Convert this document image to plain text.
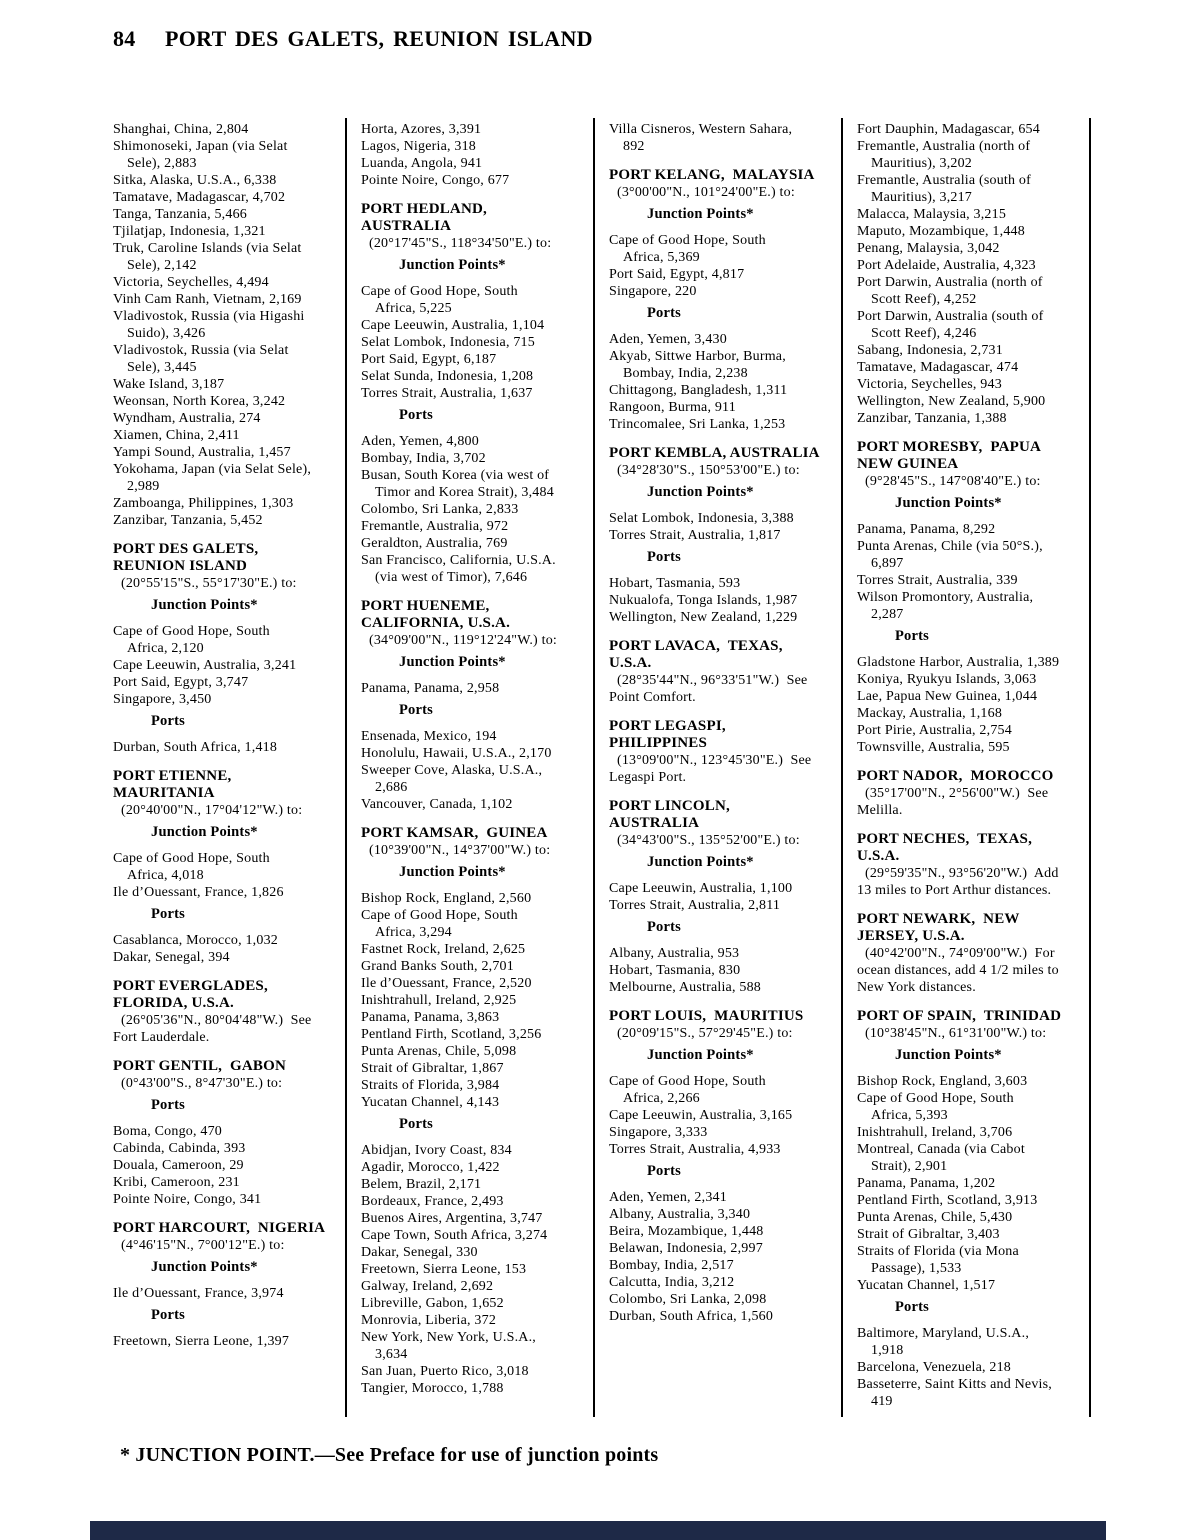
84	PORT DES GALETS, REUNION ISLAND
Shanghai, China, 2,804
Shimonoseki, Japan (via Selat
Sele), 2,883
Sitka, Alaska, U.S.A., 6,338
Tamatave, Madagascar, 4,702
Tanga, Tanzania, 5,466
Tjilatjap, Indonesia, 1,321
Truk, Caroline Islands (via Selat
Sele), 2,142
Victoria, Seychelles, 4,494
Vinh Cam Ranh, Vietnam, 2,169
Vladivostok, Russia (via Higashi
Suido), 3,426
Vladivostok, Russia (via Selat
Sele), 3,445
Wake Island, 3,187
Weonsan, North Korea, 3,242
Wyndham, Australia, 274
Xiamen, China, 2,411
Yampi Sound, Australia, 1,457
Yokohama, Japan (via Selat Sele),
2,989
Zamboanga, Philippines, 1,303
Zanzibar, Tanzania, 5,452
PORT DES GALETS,
REUNION ISLAND
(20°55'15"S., 55°17'30"E.) to:
Junction Points*
Cape of Good Hope, South
Africa, 2,120
Cape Leeuwin, Australia, 3,241
Port Said, Egypt, 3,747
Singapore, 3,450
Ports
Durban, South Africa, 1,418
PORT ETIENNE,
MAURITANIA
(20°40'00"N., 17°04'12"W.) to:
Junction Points*
Cape of Good Hope, South
Africa, 4,018
Ile d’Ouessant, France, 1,826
Ports
Casablanca, Morocco, 1,032
Dakar, Senegal, 394
PORT EVERGLADES,
FLORIDA, U.S.A.
(26°05'36"N., 80°04'48"W.)  See
Fort Lauderdale.
PORT GENTIL,  GABON
(0°43'00"S., 8°47'30"E.) to:
Ports
Boma, Congo, 470
Cabinda, Cabinda, 393
Douala, Cameroon, 29
Kribi, Cameroon, 231
Pointe Noire, Congo, 341
PORT HARCOURT,  NIGERIA
(4°46'15"N., 7°00'12"E.) to:
Junction Points*
Ile d’Ouessant, France, 3,974
Ports
Freetown, Sierra Leone, 1,397
Horta, Azores, 3,391
Lagos, Nigeria, 318
Luanda, Angola, 941
Pointe Noire, Congo, 677
PORT HEDLAND,
AUSTRALIA
(20°17'45"S., 118°34'50"E.) to:
Junction Points*
Cape of Good Hope, South
Africa, 5,225
Cape Leeuwin, Australia, 1,104
Selat Lombok, Indonesia, 715
Port Said, Egypt, 6,187
Selat Sunda, Indonesia, 1,208
Torres Strait, Australia, 1,637
Ports
Aden, Yemen, 4,800
Bombay, India, 3,702
Busan, South Korea (via west of
Timor and Korea Strait), 3,484
Colombo, Sri Lanka, 2,833
Fremantle, Australia, 972
Geraldton, Australia, 769
San Francisco, California, U.S.A.
(via west of Timor), 7,646
PORT HUENEME,
CALIFORNIA, U.S.A.
(34°09'00"N., 119°12'24"W.) to:
Junction Points*
Panama, Panama, 2,958
Ports
Ensenada, Mexico, 194
Honolulu, Hawaii, U.S.A., 2,170
Sweeper Cove, Alaska, U.S.A.,
2,686
Vancouver, Canada, 1,102
PORT KAMSAR,  GUINEA
(10°39'00"N., 14°37'00"W.) to:
Junction Points*
Bishop Rock, England, 2,560
Cape of Good Hope, South
Africa, 3,294
Fastnet Rock, Ireland, 2,625
Grand Banks South, 2,701
Ile d’Ouessant, France, 2,520
Inishtrahull, Ireland, 2,925
Panama, Panama, 3,863
Pentland Firth, Scotland, 3,256
Punta Arenas, Chile, 5,098
Strait of Gibraltar, 1,867
Straits of Florida, 3,984
Yucatan Channel, 4,143
Ports
Abidjan, Ivory Coast, 834
Agadir, Morocco, 1,422
Belem, Brazil, 2,171
Bordeaux, France, 2,493
Buenos Aires, Argentina, 3,747
Cape Town, South Africa, 3,274
Dakar, Senegal, 330
Freetown, Sierra Leone, 153
Galway, Ireland, 2,692
Libreville, Gabon, 1,652
Monrovia, Liberia, 372
New York, New York, U.S.A.,
3,634
San Juan, Puerto Rico, 3,018
Tangier, Morocco, 1,788
Villa Cisneros, Western Sahara,
892
PORT KELANG,  MALAYSIA
(3°00'00"N., 101°24'00"E.) to:
Junction Points*
Cape of Good Hope, South
Africa, 5,369
Port Said, Egypt, 4,817
Singapore, 220
Ports
Aden, Yemen, 3,430
Akyab, Sittwe Harbor, Burma,
Bombay, India, 2,238
Chittagong, Bangladesh, 1,311
Rangoon, Burma, 911
Trincomalee, Sri Lanka, 1,253
PORT KEMBLA, AUSTRALIA
(34°28'30"S., 150°53'00"E.) to:
Junction Points*
Selat Lombok, Indonesia, 3,388
Torres Strait, Australia, 1,817
Ports
Hobart, Tasmania, 593
Nukualofa, Tonga Islands, 1,987
Wellington, New Zealand, 1,229
PORT LAVACA,  TEXAS,
U.S.A.
(28°35'44"N., 96°33'51"W.)  See
Point Comfort.
PORT LEGASPI,
PHILIPPINES
(13°09'00"N., 123°45'30"E.)  See
Legaspi Port.
PORT LINCOLN,
AUSTRALIA
(34°43'00"S., 135°52'00"E.) to:
Junction Points*
Cape Leeuwin, Australia, 1,100
Torres Strait, Australia, 2,811
Ports
Albany, Australia, 953
Hobart, Tasmania, 830
Melbourne, Australia, 588
PORT LOUIS,  MAURITIUS
(20°09'15"S., 57°29'45"E.) to:
Junction Points*
Cape of Good Hope, South
Africa, 2,266
Cape Leeuwin, Australia, 3,165
Singapore, 3,333
Torres Strait, Australia, 4,933
Ports
Aden, Yemen, 2,341
Albany, Australia, 3,340
Beira, Mozambique, 1,448
Belawan, Indonesia, 2,997
Bombay, India, 2,517
Calcutta, India, 3,212
Colombo, Sri Lanka, 2,098
Durban, South Africa, 1,560
Fort Dauphin, Madagascar, 654
Fremantle, Australia (north of
Mauritius), 3,202
Fremantle, Australia (south of
Mauritius), 3,217
Malacca, Malaysia, 3,215
Maputo, Mozambique, 1,448
Penang, Malaysia, 3,042
Port Adelaide, Australia, 4,323
Port Darwin, Australia (north of
Scott Reef), 4,252
Port Darwin, Australia (south of
Scott Reef), 4,246
Sabang, Indonesia, 2,731
Tamatave, Madagascar, 474
Victoria, Seychelles, 943
Wellington, New Zealand, 5,900
Zanzibar, Tanzania, 1,388
PORT MORESBY,  PAPUA
NEW GUINEA
(9°28'45"S., 147°08'40"E.) to:
Junction Points*
Panama, Panama, 8,292
Punta Arenas, Chile (via 50°S.),
6,897
Torres Strait, Australia, 339
Wilson Promontory, Australia,
2,287
Ports
Gladstone Harbor, Australia, 1,389
Koniya, Ryukyu Islands, 3,063
Lae, Papua New Guinea, 1,044
Mackay, Australia, 1,168
Port Pirie, Australia, 2,754
Townsville, Australia, 595
PORT NADOR,  MOROCCO
(35°17'00"N., 2°56'00"W.)  See
Melilla.
PORT NECHES,  TEXAS,
U.S.A.
(29°59'35"N., 93°56'20"W.)  Add
13 miles to Port Arthur distances.
PORT NEWARK,  NEW
JERSEY, U.S.A.
(40°42'00"N., 74°09'00"W.)  For
ocean distances, add 4 1/2 miles to
New York distances.
PORT OF SPAIN,  TRINIDAD
(10°38'45"N., 61°31'00"W.) to:
Junction Points*
Bishop Rock, England, 3,603
Cape of Good Hope, South
Africa, 5,393
Inishtrahull, Ireland, 3,706
Montreal, Canada (via Cabot
Strait), 2,901
Panama, Panama, 1,202
Pentland Firth, Scotland, 3,913
Punta Arenas, Chile, 5,430
Strait of Gibraltar, 3,403
Straits of Florida (via Mona
Passage), 1,533
Yucatan Channel, 1,517
Ports
Baltimore, Maryland, U.S.A.,
1,918
Barcelona, Venezuela, 218
Basseterre, Saint Kitts and Nevis,
419
* JUNCTION POINT.—See Preface for use of junction points
